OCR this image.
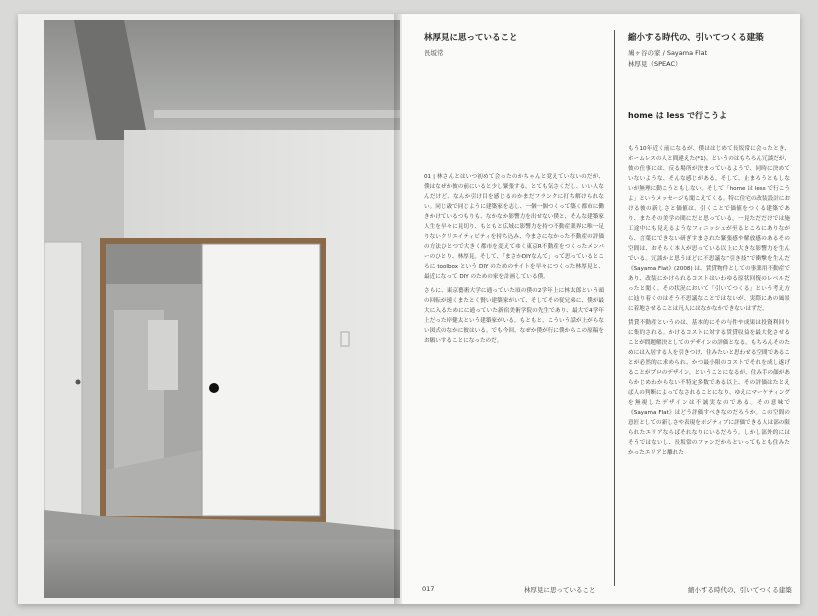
林厚見に思っていること
長坂常
縮小する時代の、引いてつくる建築
鳩ヶ谷の家 / Sayama Flat
林厚見（SPEAC）
home は less で行こうよ

01 | 林さんとはいつ初めて会ったのかちゃんと覚えていないのだが、僕はなぜか彼の前にいると少し緊張する。とても気さくだし、いい人なんだけど、なんか引け目を感じるのかまだフランクに打ち解けられない。同じ歳で同じように建築家を志し、一個一個つくって築く都市に働きかけているつもりも、なかなか影響力を出せない僕と、そんな建築家人生を早々に見切り、もともと広域に影響力を持つ不動産業界に唯一足りないクリエイティビティを持ち込み、今まさになかった不動産の評価の方法ひとつで大きく都市を変えてゆく東京R不動産をつくったメンバーのひとり、林厚見。そして、「まさかDIYなんて」って思っているところに toolbox という DIY のためのサイトを早々につくった林厚見と、最近になって DIY のための家を計画している僕。

さらに、東京藝術大学に通っていた頃の僕の2学年上に林太郎という頭の回転が速くまたとく賢い建築家がいて、そしてその従兄弟に、僕が最大に入るためにに通っていた新宿美術学院の先生であり、最大で4学年上だった岸健太という建築家がいる。もともと、こういう話が上がらない図式のなかに彼はいる。でも今回、なぜか僕が行に僕からこの原稿をお願いすることになったのだ。

もう10年近く前になるが、僕ははじめて長坂常に会ったとき、ホームレスの人と間違えた(*1)。というのはもちろん冗談だが、彼の仕事には、反る場所が決まっているようで、同時に決めていないような、そんな感じがある。そして、止まろうともしないが無理に動こうともしない。そして「home は less で行こうよ」というメッセージも聞こえてくる。特に住宅の改装設計における彼の新しさと価値は、引くことで価値をつくる建築であり、またその美学の間にだと思っている。一見ただだけでは施工途中にも見えるようなフィニッシュが至るところにありながら、言葉にできない研ぎすまされた緊張感や解放感のあるその空間は、おそらく本人が思っている以上に大きな影響力を生んでいる。冗談かと思うほどに不思議な“引き技”で衝撃を生んだ《Sayama Flat》(2008) は、賃貸物件としての事業用不動産であり、改装にかけられるコストはいわゆる原状回復のレベルだったと聞く。その状況において「引いてつくる」という考え方に辿り着くのはそう不思議なことではないが、実際にあの風景に着地させることは凡人にはなかなかできないはずだ。

賃貸不動産というのは、基本的にその与件や成果は投資利回りに集約される。かけるコストに対する賃貸収益を最大化させることが問題解決としてのデザインの評価となる。もちろんそのためには入居する人を引きつけ、住みたいと思わせる空間であることが必然的に求められ、かつ最小限のコストでそれを成し遂げることがプロのデザイン。ということになるが、住み手の顔があらかじめわからない不特定多数である以上、その評価はたとえば人の判断によってなされることになり、ゆえにマーケティングを無視したデザインは不誠実なのである。その意味で《Sayama Flat》はどう評価すべきなのだろうか。この空間の意匠としての新しさや表現をポジティブに評価できる人は部の限られたエリアならばそれなりにいるだろう。しかし部外的にはそうではないし、長坂常のファンだからといってもとも住みたかったエリアと離れた

017	林厚見に思っていること	縮小する時代の、引いてつくる建築
